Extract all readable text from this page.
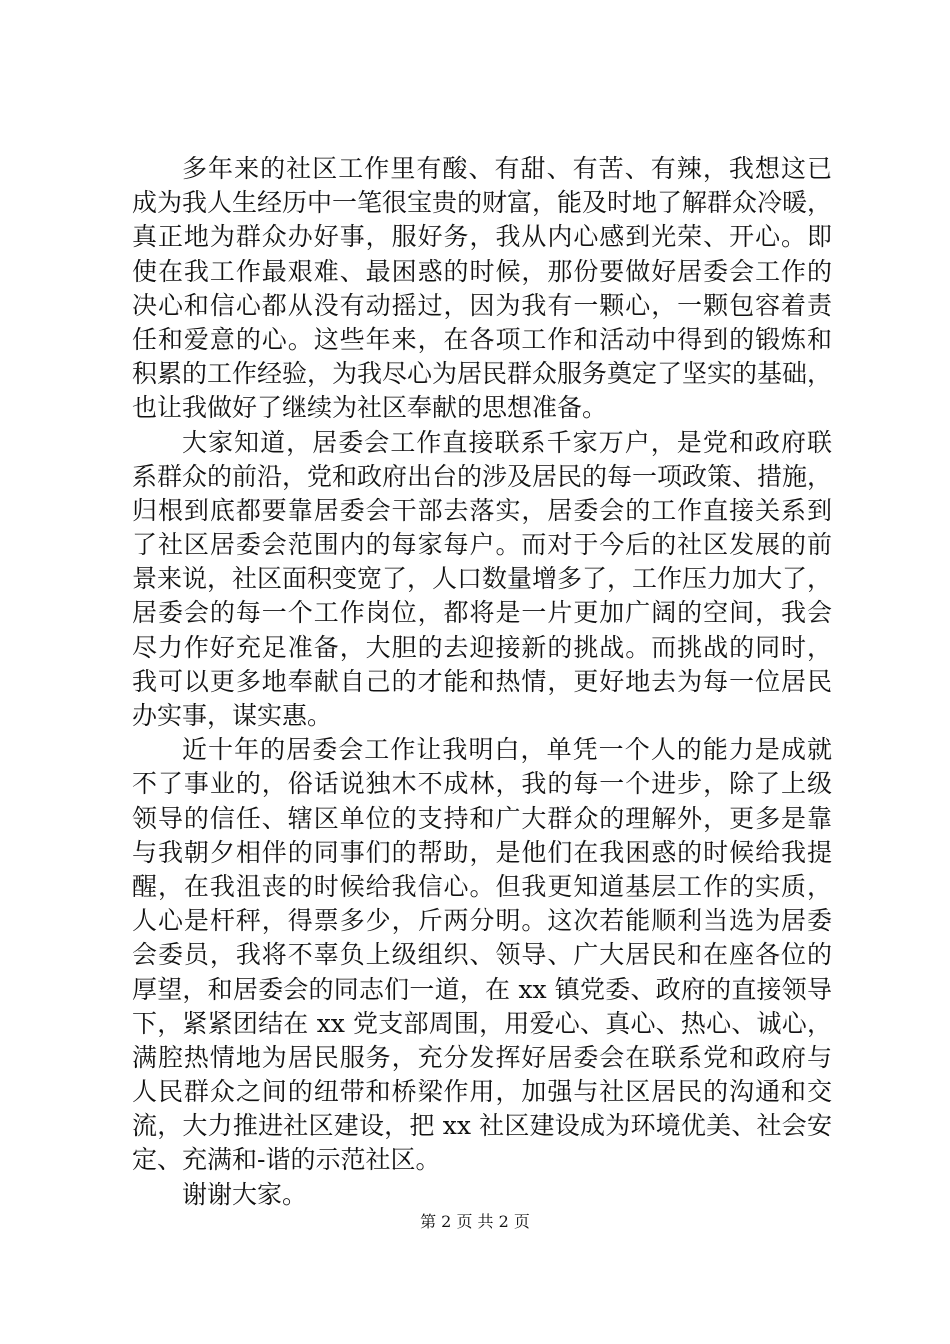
多年来的社区工作里有酸、有甜、有苦、有辣，我想这已
成为我人生经历中一笔很宝贵的财富，能及时地了解群众冷暖，
真正地为群众办好事，服好务，我从内心感到光荣、开心。即
使在我工作最艰难、最困惑的时候，那份要做好居委会工作的
决心和信心都从没有动摇过，因为我有一颗心，一颗包容着责
任和爱意的心。这些年来，在各项工作和活动中得到的锻炼和
积累的工作经验，为我尽心为居民群众服务奠定了坚实的基础，
也让我做好了继续为社区奉献的思想准备。
大家知道，居委会工作直接联系千家万户，是党和政府联
系群众的前沿，党和政府出台的涉及居民的每一项政策、措施，
归根到底都要靠居委会干部去落实，居委会的工作直接关系到
了社区居委会范围内的每家每户。而对于今后的社区发展的前
景来说，社区面积变宽了，人口数量增多了，工作压力加大了，
居委会的每一个工作岗位，都将是一片更加广阔的空间，我会
尽力作好充足准备，大胆的去迎接新的挑战。而挑战的同时，
我可以更多地奉献自己的才能和热情，更好地去为每一位居民
办实事，谋实惠。
近十年的居委会工作让我明白，单凭一个人的能力是成就
不了事业的，俗话说独木不成林，我的每一个进步，除了上级
领导的信任、辖区单位的支持和广大群众的理解外，更多是靠
与我朝夕相伴的同事们的帮助，是他们在我困惑的时候给我提
醒，在我沮丧的时候给我信心。但我更知道基层工作的实质，
人心是杆秤，得票多少，斤两分明。这次若能顺利当选为居委
会委员，我将不辜负上级组织、领导、广大居民和在座各位的
厚望，和居委会的同志们一道，在 xx 镇党委、政府的直接领导
下，紧紧团结在 xx 党支部周围，用爱心、真心、热心、诚心，
满腔热情地为居民服务，充分发挥好居委会在联系党和政府与
人民群众之间的纽带和桥梁作用，加强与社区居民的沟通和交
流，大力推进社区建设，把 xx 社区建设成为环境优美、社会安
定、充满和-谐的示范社区。
谢谢大家。
第 2 页 共 2 页
